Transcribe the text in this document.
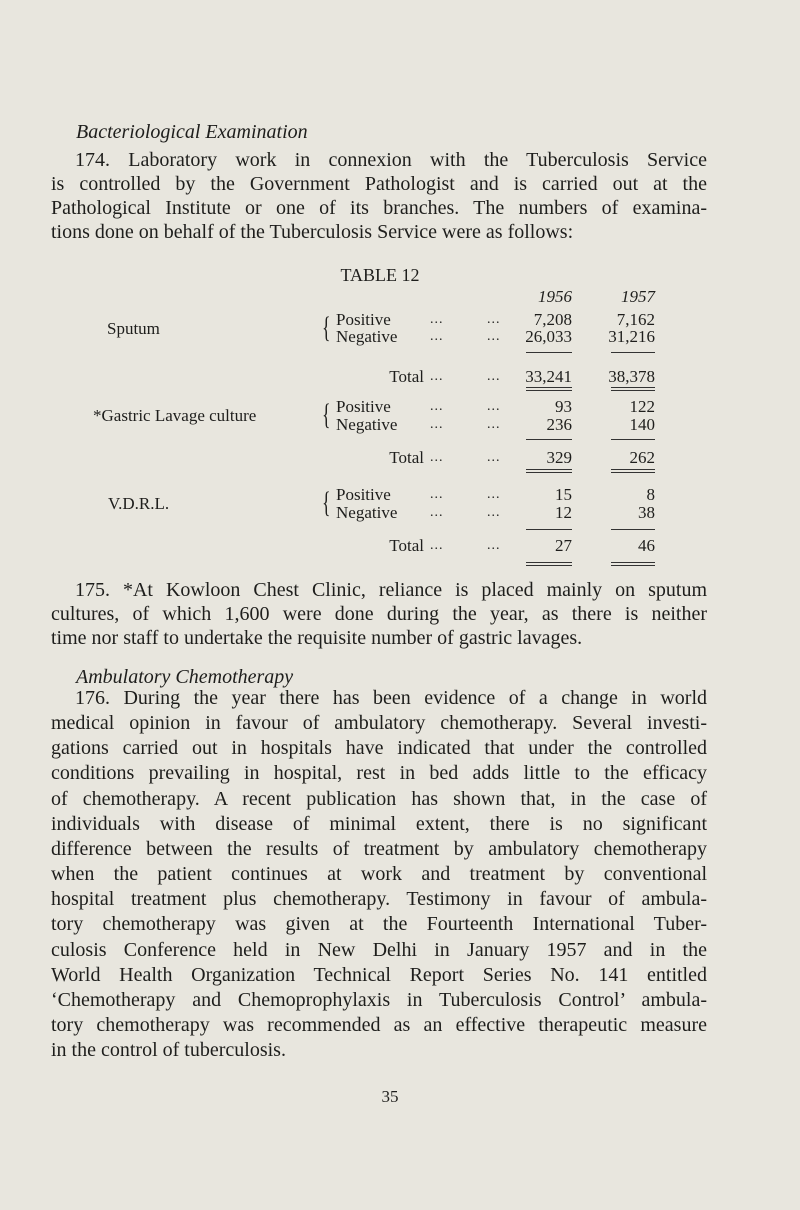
Bacteriological Examination
174. Laboratory work in connexion with the Tuberculosis Service
is controlled by the Government Pathologist and is carried out at the
Pathological Institute or one of its branches. The numbers of examina-
tions done on behalf of the Tuberculosis Service were as follows:
TABLE 12
1956	1957
Sputum	{ Positive	...	...	7,208	7,162
Negative ...	...	26,033	31,216
Total ...	...	33,241	38,378
*Gastric Lavage culture { Positive	...	...	93	122
Negative ...	...	236	140
Total ...	...	329	262
V.D.R.L.	{ Positive	...	...	15	8
Negative ...	...	12	38
Total ...	...	27	46
175. *At Kowloon Chest Clinic, reliance is placed mainly on sputum
cultures, of which 1,600 were done during the year, as there is neither
time nor staff to undertake the requisite number of gastric lavages.
Ambulatory Chemotherapy
176. During the year there has been evidence of a change in world
medical opinion in favour of ambulatory chemotherapy. Several investi-
gations carried out in hospitals have indicated that under the controlled
conditions prevailing in hospital, rest in bed adds little to the efficacy
of chemotherapy. A recent publication has shown that, in the case of
individuals with disease of minimal extent, there is no significant
difference between the results of treatment by ambulatory chemotherapy
when the patient continues at work and treatment by conventional
hospital treatment plus chemotherapy. Testimony in favour of ambula-
tory chemotherapy was given at the Fourteenth International Tuber-
culosis Conference held in New Delhi in January 1957 and in the
World Health Organization Technical Report Series No. 141 entitled
‘Chemotherapy and Chemoprophylaxis in Tuberculosis Control’ ambula-
tory chemotherapy was recommended as an effective therapeutic measure
in the control of tuberculosis.
35
